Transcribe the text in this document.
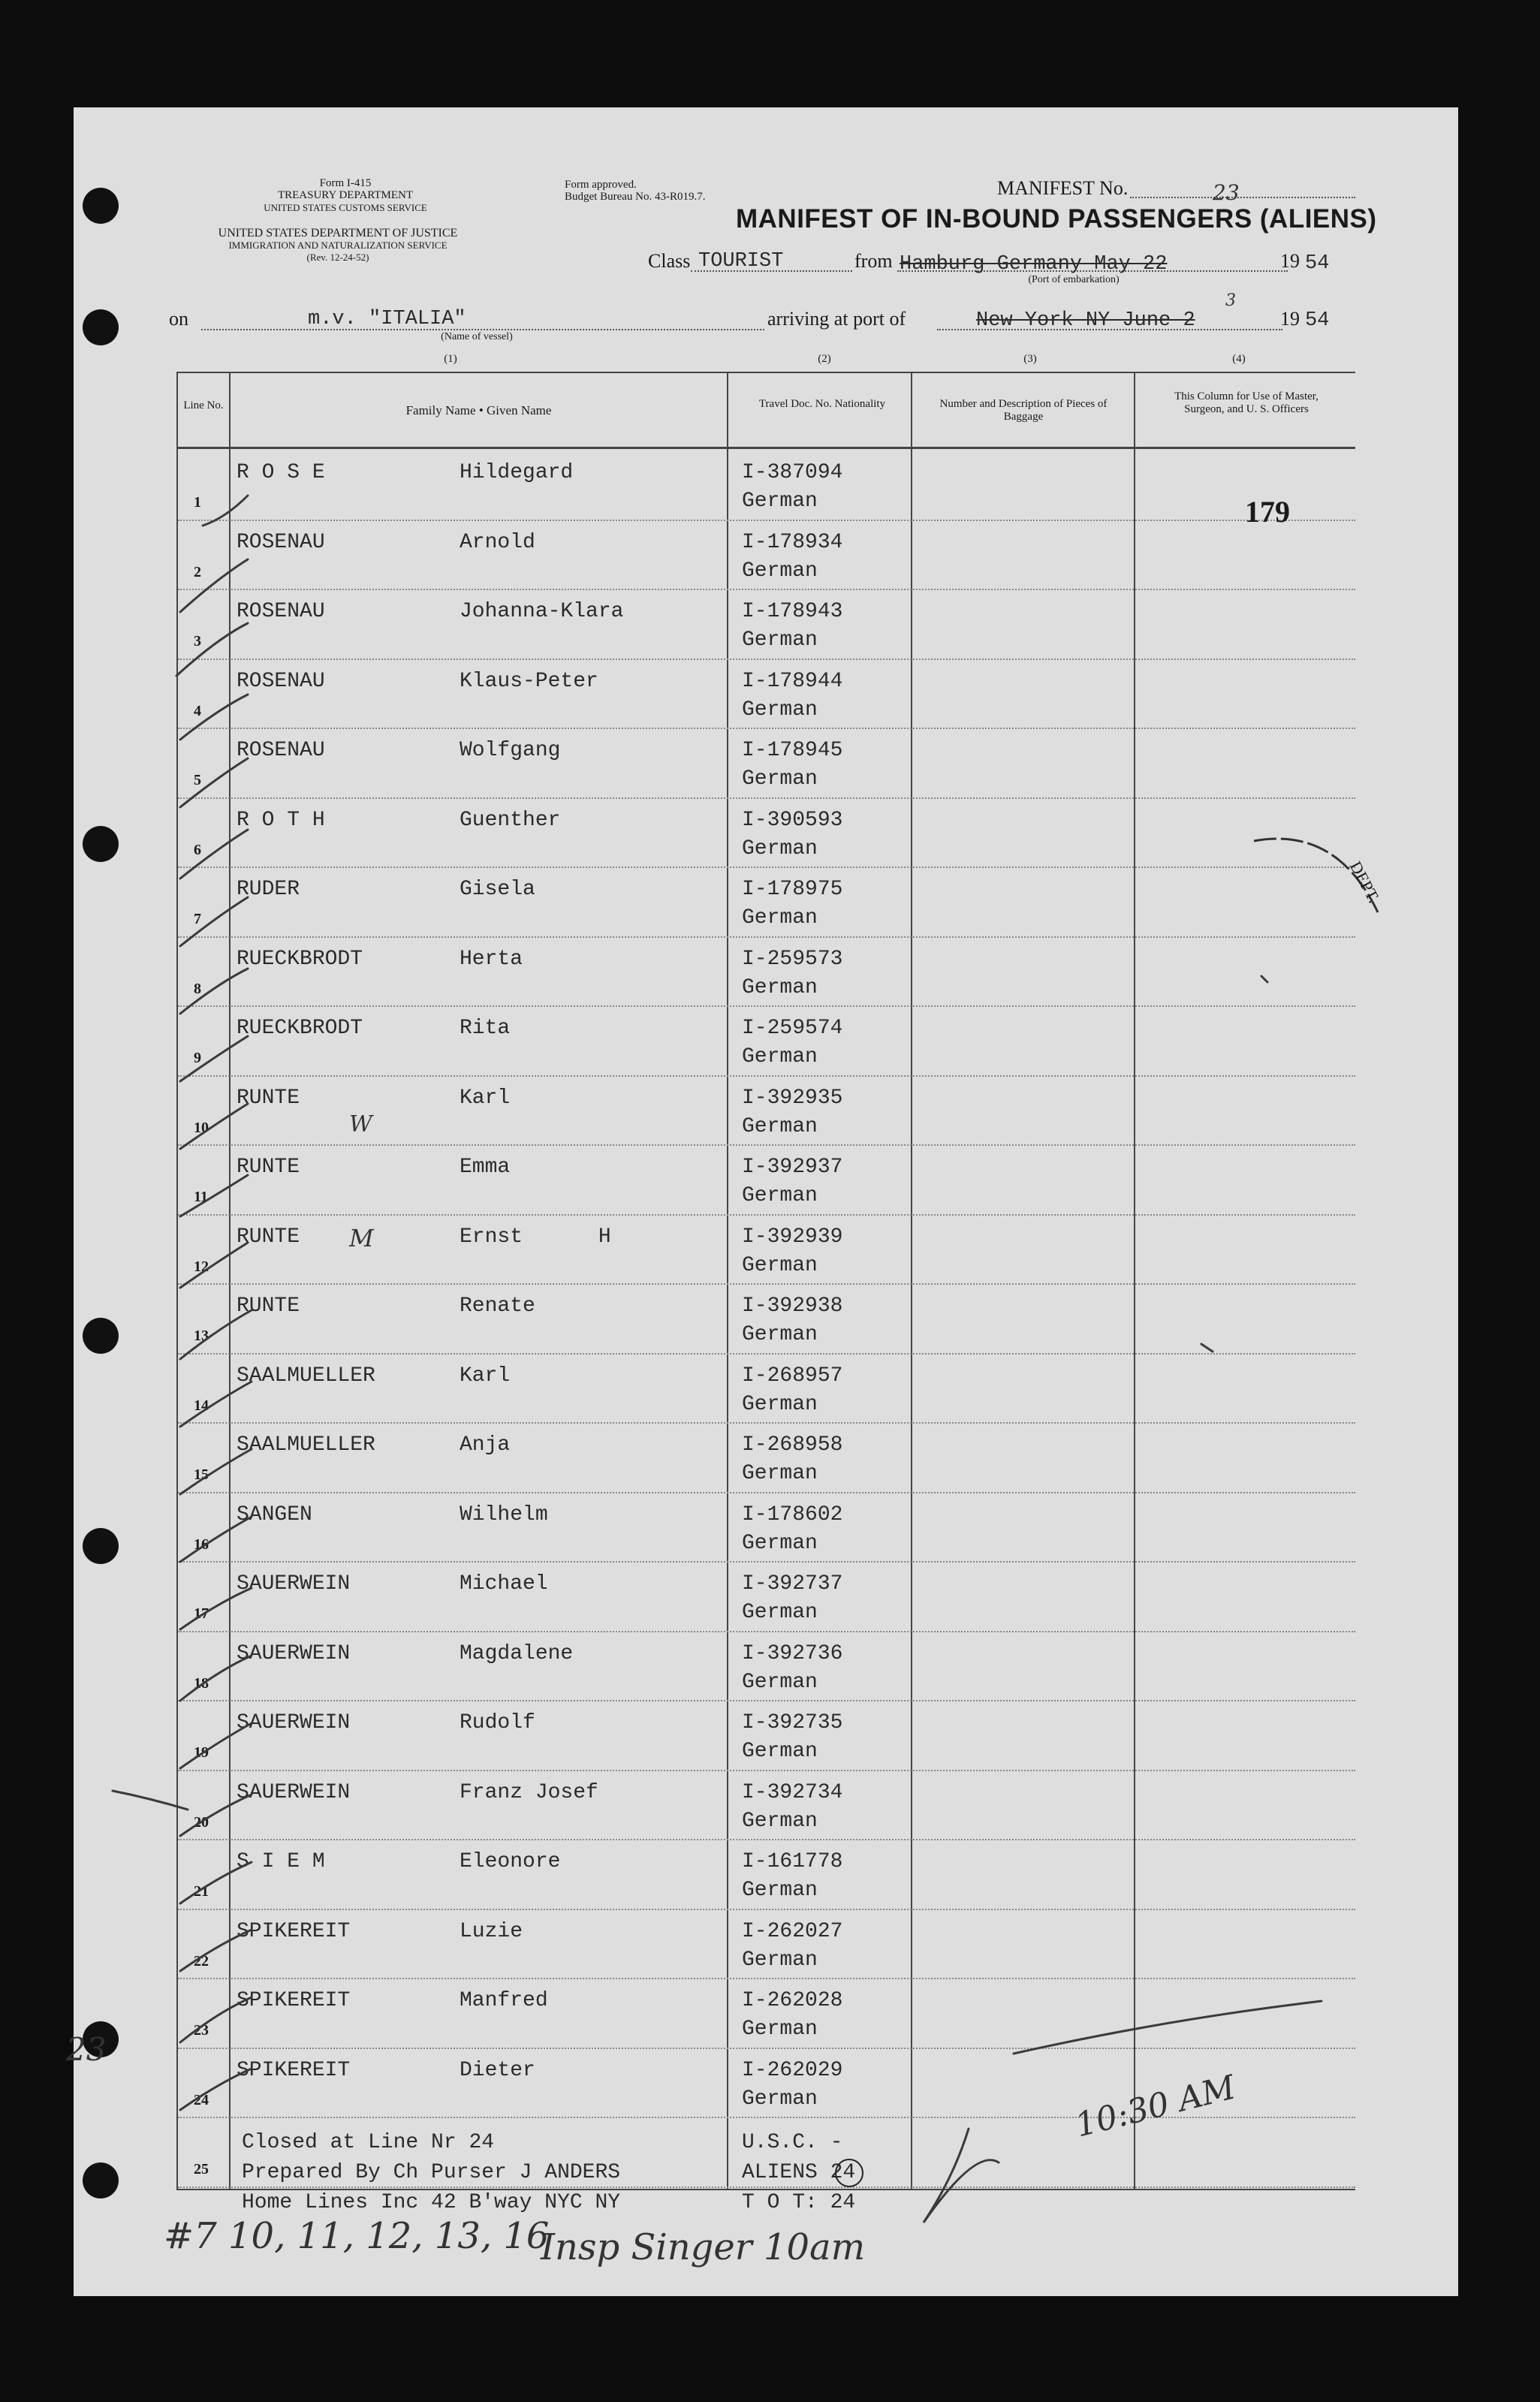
Form I-415
TREASURY DEPARTMENT
UNITED STATES CUSTOMS SERVICE
UNITED STATES DEPARTMENT OF JUSTICE
IMMIGRATION AND NATURALIZATION SERVICE
(Rev. 12-24-52)
Form approved.
Budget Bureau No. 43-R019.7.	MANIFEST No.	23
MANIFEST OF IN-BOUND PASSENGERS (ALIENS)
Class TOURIST	from Hamburg Germany May 22
(Port of embarkation)
19 54
on	m.v. "ITALIA"
(Name of vessel)
arriving at port of	New York NY June 2
3
19 54
(1)	(2)	(3)	(4)
Line No.	Family Name • Given Name	Travel Doc. No. Nationality	Number and Description of Pieces of Baggage
This Column for Use of Master, Surgeon, and U. S. Officers
1
R O S E	Hildegard	I-387094
German
2
ROSENAU	Arnold	I-178934
German
3
ROSENAU	Johanna-Klara	I-178943
German
4
ROSENAU	Klaus-Peter	I-178944
German
5
ROSENAU	Wolfgang	I-178945
German
6
R O T H	Guenther	I-390593
German
7
RUDER	Gisela	I-178975
German
8
RUECKBRODT	Herta	I-259573
German
9
RUECKBRODT	Rita	I-259574
German
10
RUNTE	Karl	I-392935
German
11
RUNTE	Emma	I-392937
German
12
RUNTE	Ernst      H	I-392939
German
13
RUNTE	Renate	I-392938
German
14
SAALMUELLER	Karl	I-268957
German
15
SAALMUELLER	Anja	I-268958
German
16
SANGEN	Wilhelm	I-178602
German
17
SAUERWEIN	Michael	I-392737
German
18
SAUERWEIN	Magdalene	I-392736
German
19
SAUERWEIN	Rudolf	I-392735
German
20
SAUERWEIN	Franz Josef	I-392734
German
21
S I E M	Eleonore	I-161778
German
22
SPIKEREIT	Luzie	I-262027
German
23
SPIKEREIT	Manfred	I-262028
German
24
SPIKEREIT	Dieter	I-262029
German
25
179
DEPT.
Closed at Line Nr 24
Prepared By Ch Purser J ANDERS
Home Lines Inc 42 B'way NYC NY
U.S.C. -
ALIENS 24
T O T: 24
W
M
23
10:30 AM
#7 10, 11, 12, 13, 16
Insp Singer 10am
